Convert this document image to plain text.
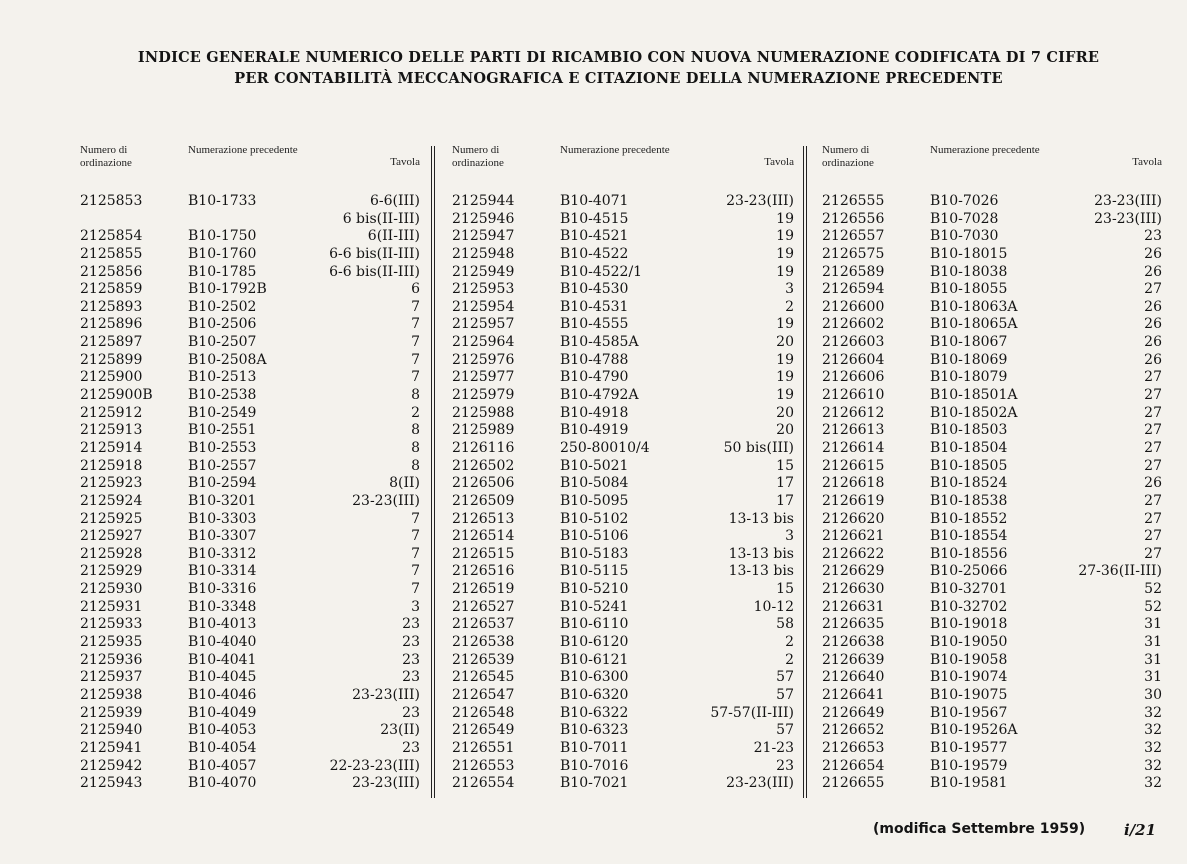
INDICE GENERALE NUMERICO DELLE PARTI DI RICAMBIO CON NUOVA NUMERAZIONE CODIFICATA DI 7 CIFRE
PER CONTABILITÀ MECCANOGRAFICA E CITAZIONE DELLA NUMERAZIONE PRECEDENTE
Numero di ordinazione
Numerazione precedente
Tavola
2125853	B10-1733	6-6(III)
6 bis(II-III)
2125854	B10-1750	6(II-III)
2125855	B10-1760	6-6 bis(II-III)
2125856	B10-1785	6-6 bis(II-III)
2125859	B10-1792B	6
2125893	B10-2502	7
2125896	B10-2506	7
2125897	B10-2507	7
2125899	B10-2508A	7
2125900	B10-2513	7
2125900B	B10-2538	8
2125912	B10-2549	2
2125913	B10-2551	8
2125914	B10-2553	8
2125918	B10-2557	8
2125923	B10-2594	8(II)
2125924	B10-3201	23-23(III)
2125925	B10-3303	7
2125927	B10-3307	7
2125928	B10-3312	7
2125929	B10-3314	7
2125930	B10-3316	7
2125931	B10-3348	3
2125933	B10-4013	23
2125935	B10-4040	23
2125936	B10-4041	23
2125937	B10-4045	23
2125938	B10-4046	23-23(III)
2125939	B10-4049	23
2125940	B10-4053	23(II)
2125941	B10-4054	23
2125942	B10-4057	22-23-23(III)
2125943	B10-4070	23-23(III)
Numero di ordinazione
Numerazione precedente
Tavola
2125944	B10-4071	23-23(III)
2125946	B10-4515	19
2125947	B10-4521	19
2125948	B10-4522	19
2125949	B10-4522/1	19
2125953	B10-4530	3
2125954	B10-4531	2
2125957	B10-4555	19
2125964	B10-4585A	20
2125976	B10-4788	19
2125977	B10-4790	19
2125979	B10-4792A	19
2125988	B10-4918	20
2125989	B10-4919	20
2126116	250-80010/4	50 bis(III)
2126502	B10-5021	15
2126506	B10-5084	17
2126509	B10-5095	17
2126513	B10-5102	13-13 bis
2126514	B10-5106	3
2126515	B10-5183	13-13 bis
2126516	B10-5115	13-13 bis
2126519	B10-5210	15
2126527	B10-5241	10-12
2126537	B10-6110	58
2126538	B10-6120	2
2126539	B10-6121	2
2126545	B10-6300	57
2126547	B10-6320	57
2126548	B10-6322	57-57(II-III)
2126549	B10-6323	57
2126551	B10-7011	21-23
2126553	B10-7016	23
2126554	B10-7021	23-23(III)
Numero di ordinazione
Numerazione precedente
Tavola
2126555	B10-7026	23-23(III)
2126556	B10-7028	23-23(III)
2126557	B10-7030	23
2126575	B10-18015	26
2126589	B10-18038	26
2126594	B10-18055	27
2126600	B10-18063A	26
2126602	B10-18065A	26
2126603	B10-18067	26
2126604	B10-18069	26
2126606	B10-18079	27
2126610	B10-18501A	27
2126612	B10-18502A	27
2126613	B10-18503	27
2126614	B10-18504	27
2126615	B10-18505	27
2126618	B10-18524	26
2126619	B10-18538	27
2126620	B10-18552	27
2126621	B10-18554	27
2126622	B10-18556	27
2126629	B10-25066	27-36(II-III)
2126630	B10-32701	52
2126631	B10-32702	52
2126635	B10-19018	31
2126638	B10-19050	31
2126639	B10-19058	31
2126640	B10-19074	31
2126641	B10-19075	30
2126649	B10-19567	32
2126652	B10-19526A	32
2126653	B10-19577	32
2126654	B10-19579	32
2126655	B10-19581	32
(modifica Settembre 1959)	i/21
